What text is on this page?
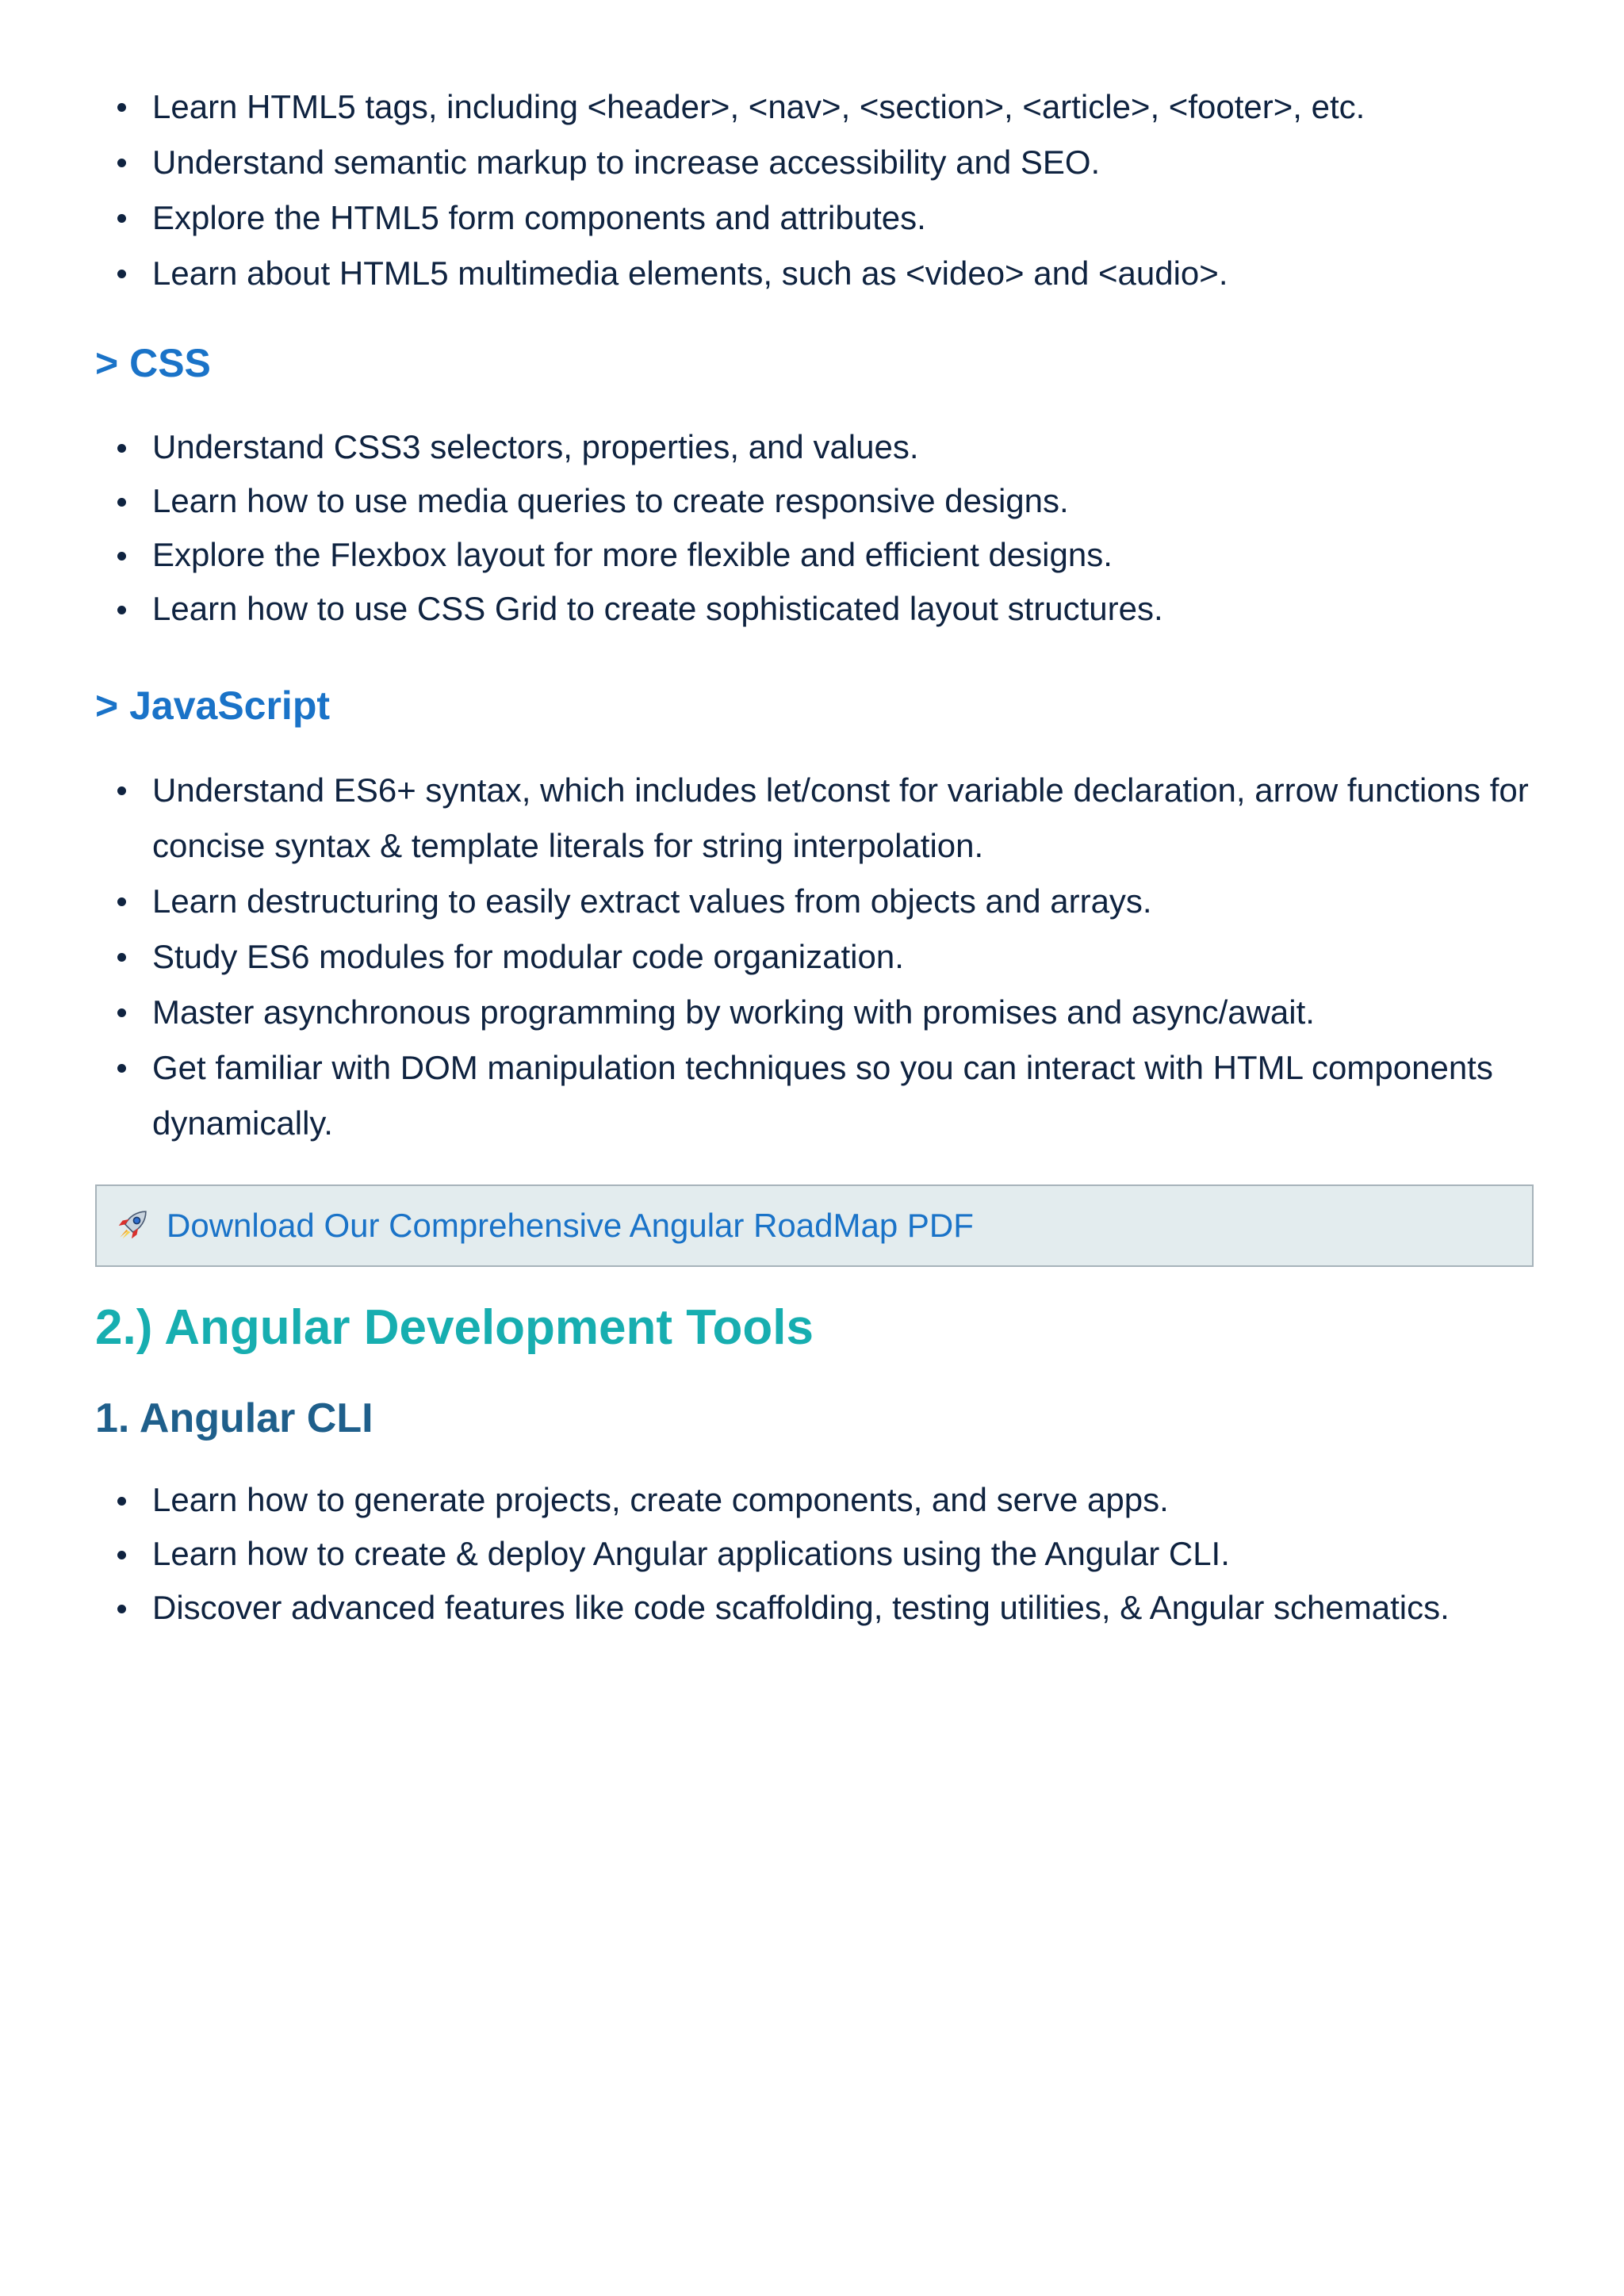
Learn HTML5 tags, including <header>, <nav>, <section>, <article>, <footer>, etc.
Understand semantic markup to increase accessibility and SEO.
Explore the HTML5 form components and attributes.
Learn about HTML5 multimedia elements, such as <video> and <audio>.
> CSS
Understand CSS3 selectors, properties, and values.
Learn how to use media queries to create responsive designs.
Explore the Flexbox layout for more flexible and efficient designs.
Learn how to use CSS Grid to create sophisticated layout structures.
> JavaScript
Understand ES6+ syntax, which includes let/const for variable declaration, arrow functions for concise syntax & template literals for string interpolation.
Learn destructuring to easily extract values from objects and arrays.
Study ES6 modules for modular code organization.
Master asynchronous programming by working with promises and async/await.
Get familiar with DOM manipulation techniques so you can interact with HTML components dynamically.
Download Our Comprehensive Angular RoadMap PDF
2.) Angular Development Tools
1. Angular CLI
Learn how to generate projects, create components, and serve apps.
Learn how to create & deploy Angular applications using the Angular CLI.
Discover advanced features like code scaffolding, testing utilities, & Angular schematics.
